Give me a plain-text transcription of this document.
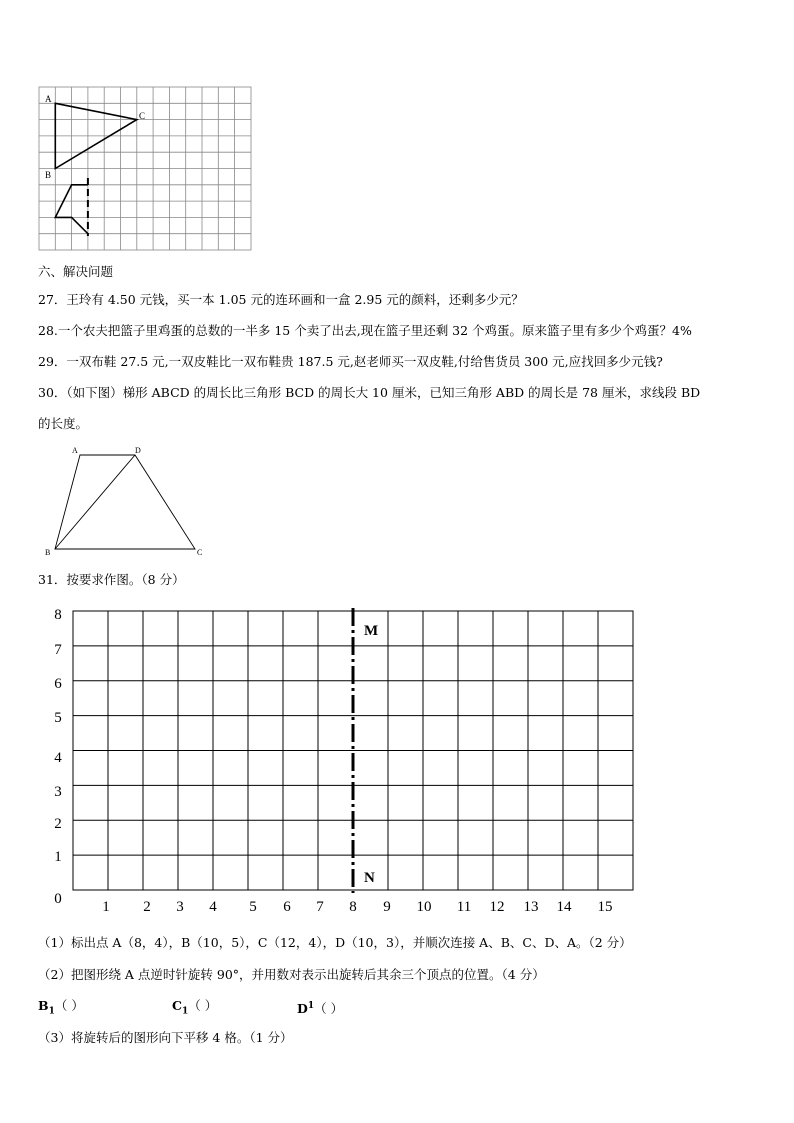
A
C
B
六、解决问题
27．王玲有 4.50 元钱，买一本 1.05 元的连环画和一盒 2.95 元的颜料，还剩多少元？
28.一个农夫把篮子里鸡蛋的总数的一半多 15 个卖了出去,现在篮子里还剩 32 个鸡蛋。原来篮子里有多少个鸡蛋？4%
29．一双布鞋 27.5 元,一双皮鞋比一双布鞋贵 187.5 元,赵老师买一双皮鞋,付给售货员 300 元,应找回多少元钱?
30．（如下图）梯形 ABCD 的周长比三角形 BCD 的周长大 10 厘米，已知三角形 ABD 的周长是 78 厘米，求线段 BD
的长度。
A	D
B	C
31．按要求作图。（8 分）
M
N
0
1
2
3
4
5
6
7
8
1 2 3 4 5 6 7 8 9 10 11 12 13 14 15
（1）标出点 A（8，4），B（10，5），C（12，4），D（10，3），并顺次连接 A、B、C、D、A。（2 分）
（2）把图形绕 A 点逆时针旋转 90°，并用数对表示出旋转后其余三个顶点的位置。（4 分）
$B_1$（ ）	$C_1$（ ）	$D^1$（ ）
（3）将旋转后的图形向下平移 4 格。（1 分）
